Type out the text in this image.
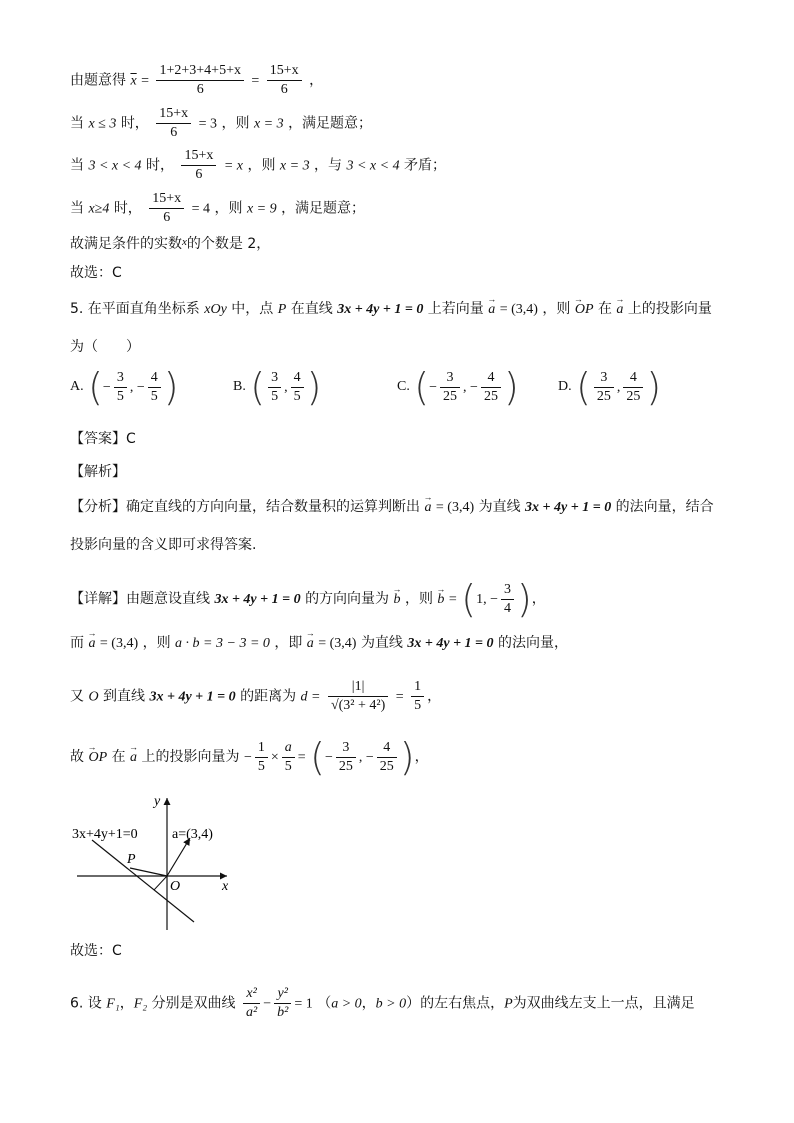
由题意得 $\overline{x} = \frac{1+2+3+4+5+x}{6} = \frac{15+x}{6}$ ，
当 x ≤ 3 时， $\frac{15+x}{6} = 3$ ，则 x = 3 ，满足题意；
当 3 < x < 4 时， $\frac{15+x}{6} = x$ ，则 x = 3 ，与 3 < x < 4 矛盾；
当 x≥4 时， $\frac{15+x}{6} = 4$ ，则 x = 9 ，满足题意；
故满足条件的实数$^x$的个数是 2，
故选：C
5. 在平面直角坐标系 xOy 中，点 P 在直线 3x + 4y + 1 = 0 上若向量 → a = (3,4) ，则 → OP 在 → a 上的投影向量
为（　　）
A. (− $\frac{3}{5}$ , − $\frac{4}{5}$ )	B. ( $\frac{3}{5}$ , $\frac{4}{5}$ )	C. (− $\frac{3}{25}$ , − $\frac{4}{25}$ )	D. ( $\frac{3}{25}$ , $\frac{4}{25}$ )
【答案】C
【解析】
【分析】确定直线的方向向量，结合数量积的运算判断出 → a = (3,4) 为直线 3x + 4y + 1 = 0 的法向量，结合
投影向量的含义即可求得答案.
【详解】由题意设直线 3x + 4y + 1 = 0 的方向向量为 → b ，则 → b = (1, − $\frac{3}{4}$ )，
而 → a = (3,4) ，则 a · b = 3 − 3 = 0 ，即 → a = (3,4) 为直线 3x + 4y + 1 = 0 的法向量，
又 O 到直线 3x + 4y + 1 = 0 的距离为 $d = \frac{|1|}{\text{√(3² + 4²)}} = \frac{1}{5}$ ，
故 → OP 在 → a 上的投影向量为 − $\frac{1}{5} \times \frac{a}{5}$ = (− $\frac{3}{25}$ , − $\frac{4}{25}$ )，
3x+4y+1=0 a=(3,4)
P
O	x
y
故选：C
6. 设 F₁，F₂ 分别是双曲线 $\frac{\text{x²}}{\text{a²}} - \frac{\text{y²}}{\text{b²}} = 1$ （a > 0，b > 0）的左右焦点，P为双曲线左支上一点，且满足
